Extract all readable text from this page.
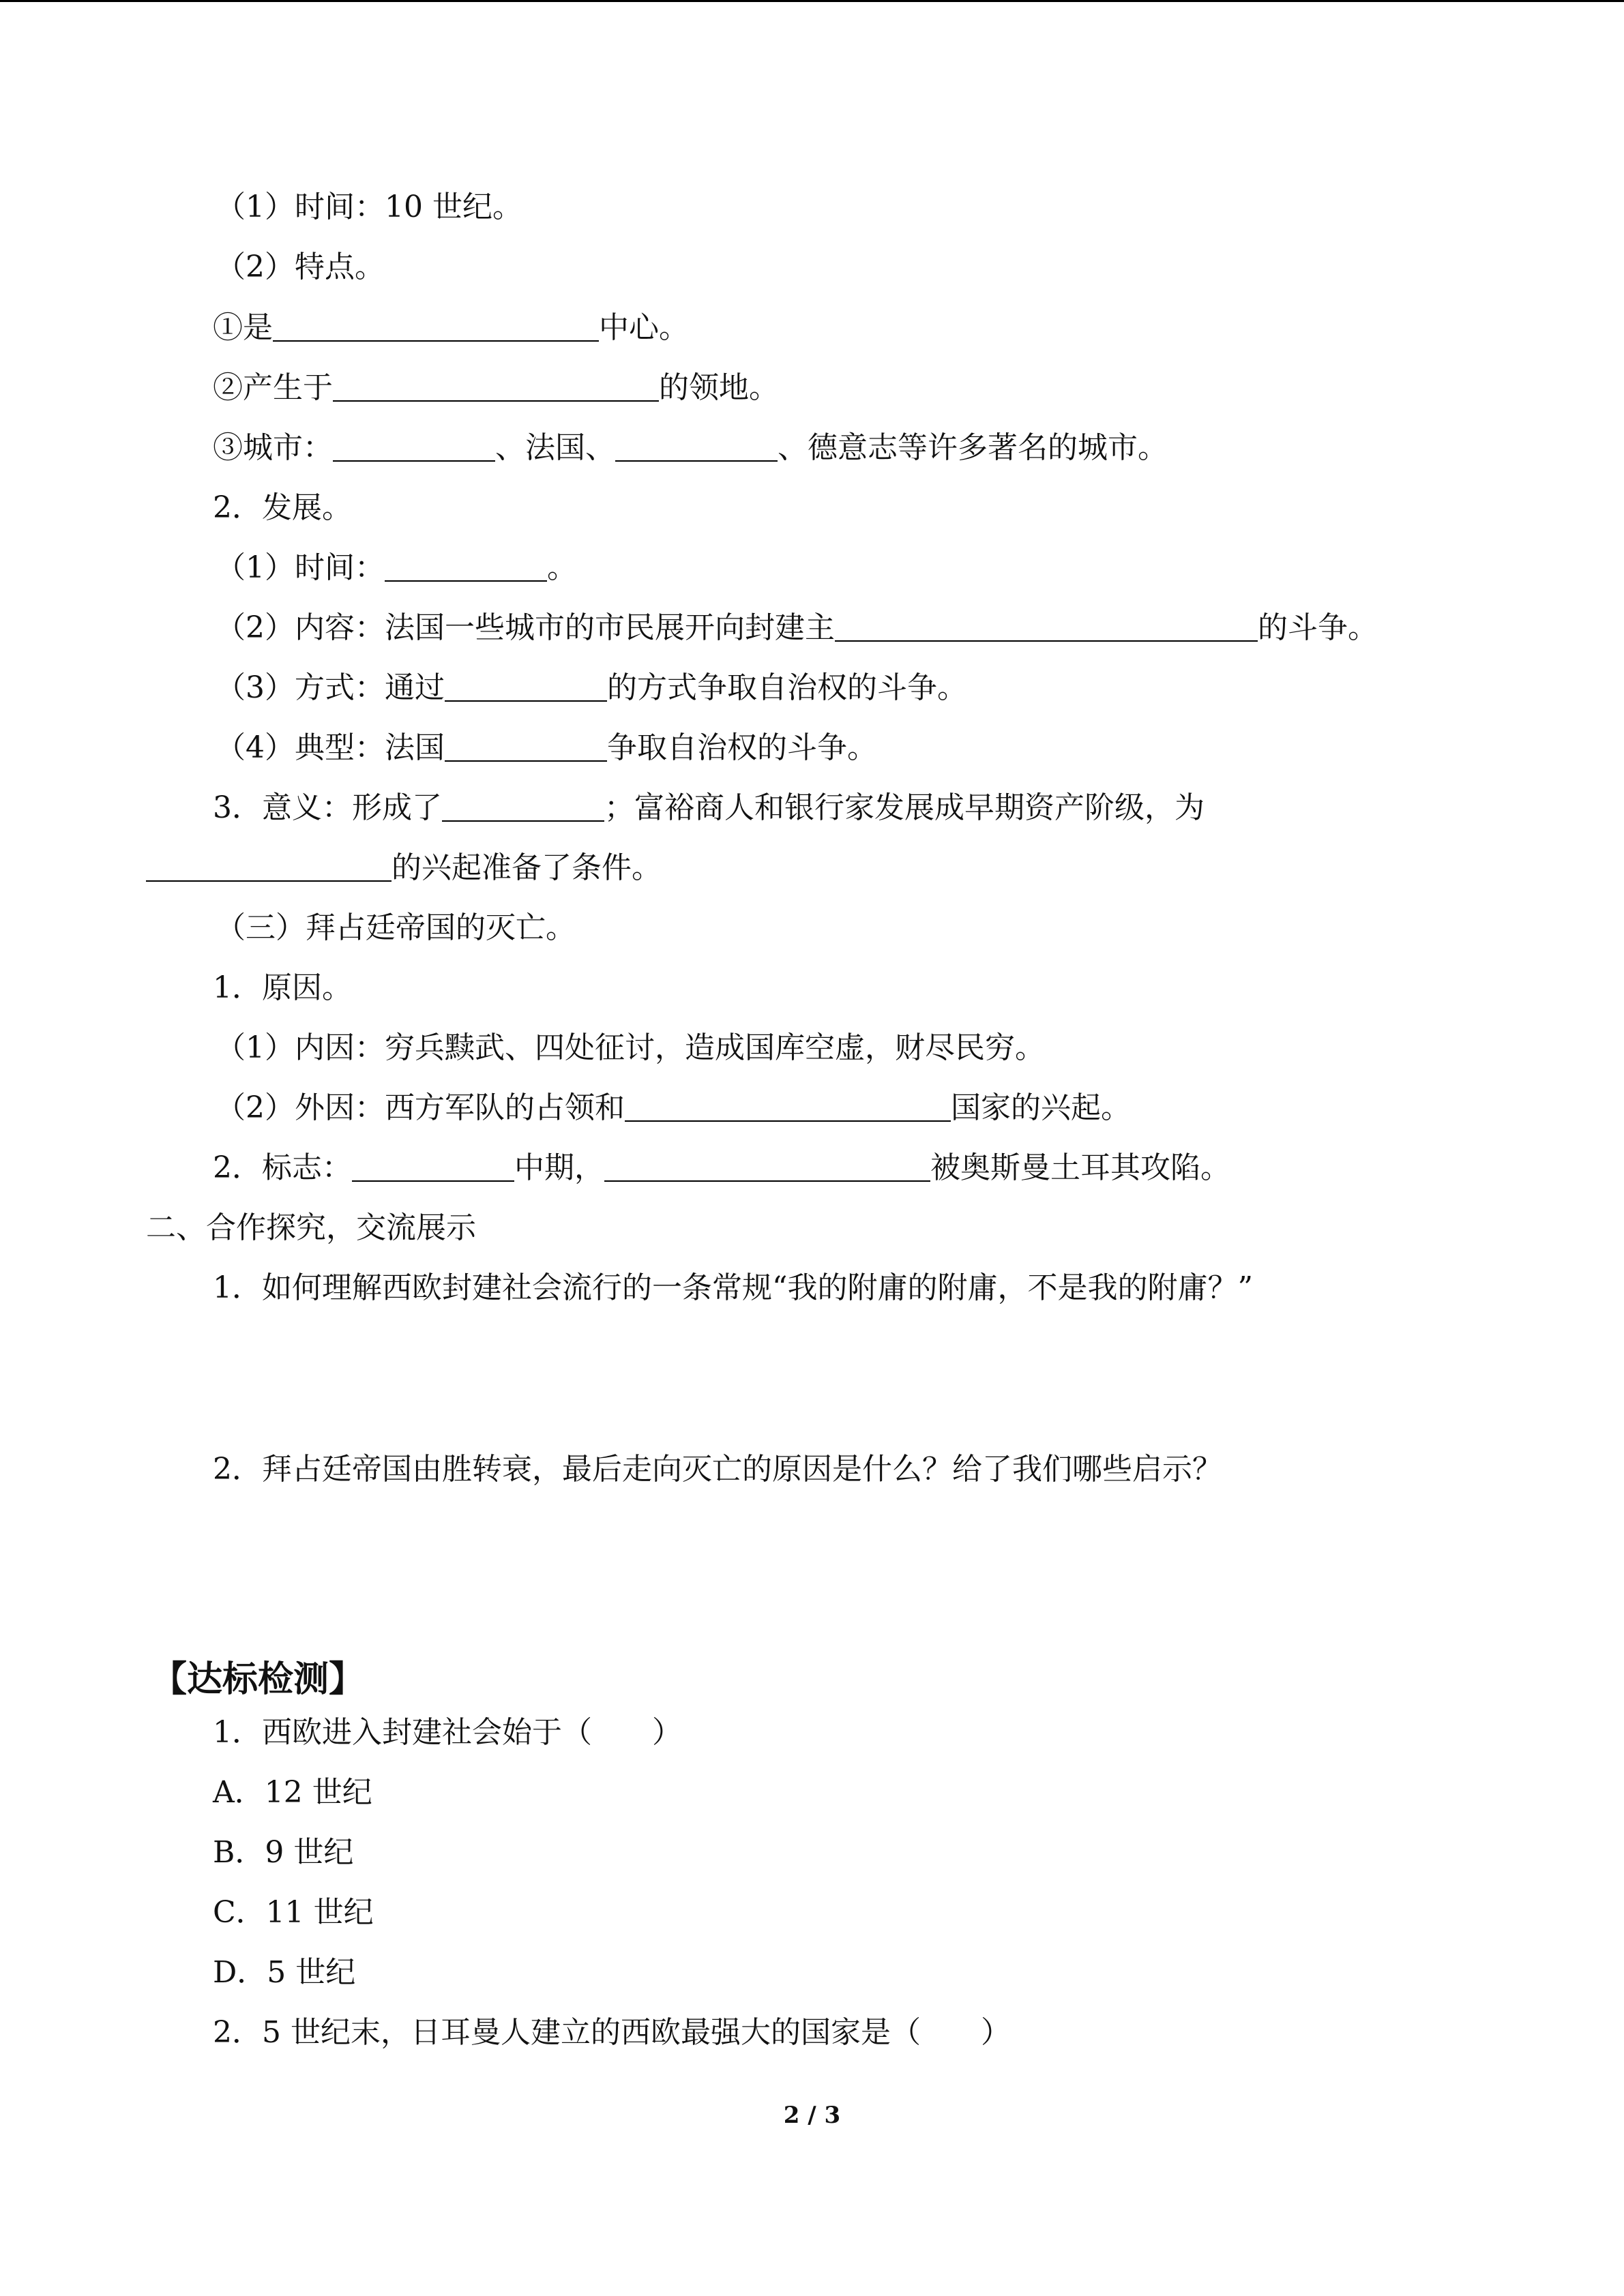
（1）时间：10 世纪。
（2）特点。
①是	中心。
②产生于	的领地。
③城市：	、法国、	、德意志等许多著名的城市。
2．发展。
（1）时间：	。
（2）内容：法国一些城市的市民展开向封建主	的斗争。
（3）方式：通过	的方式争取自治权的斗争。
（4）典型：法国	争取自治权的斗争。
3．意义：形成了	；富裕商人和银行家发展成早期资产阶级，为
的兴起准备了条件。
（三）拜占廷帝国的灭亡。
1．原因。
（1）内因：穷兵黩武、四处征讨，造成国库空虚，财尽民穷。
（2）外因：西方军队的占领和	国家的兴起。
2．标志：	中期，	被奥斯曼土耳其攻陷。
二、合作探究，交流展示
1．如何理解西欧封建社会流行的一条常规“我的附庸的附庸，不是我的附庸？”
2．拜占廷帝国由胜转衰，最后走向灭亡的原因是什么？给了我们哪些启示？
1．西欧进入封建社会始于（　　）
A．12 世纪
B．9 世纪
C．11 世纪
D．5 世纪
2．5 世纪末，日耳曼人建立的西欧最强大的国家是（　　）
【达标检测】
2 / 3
